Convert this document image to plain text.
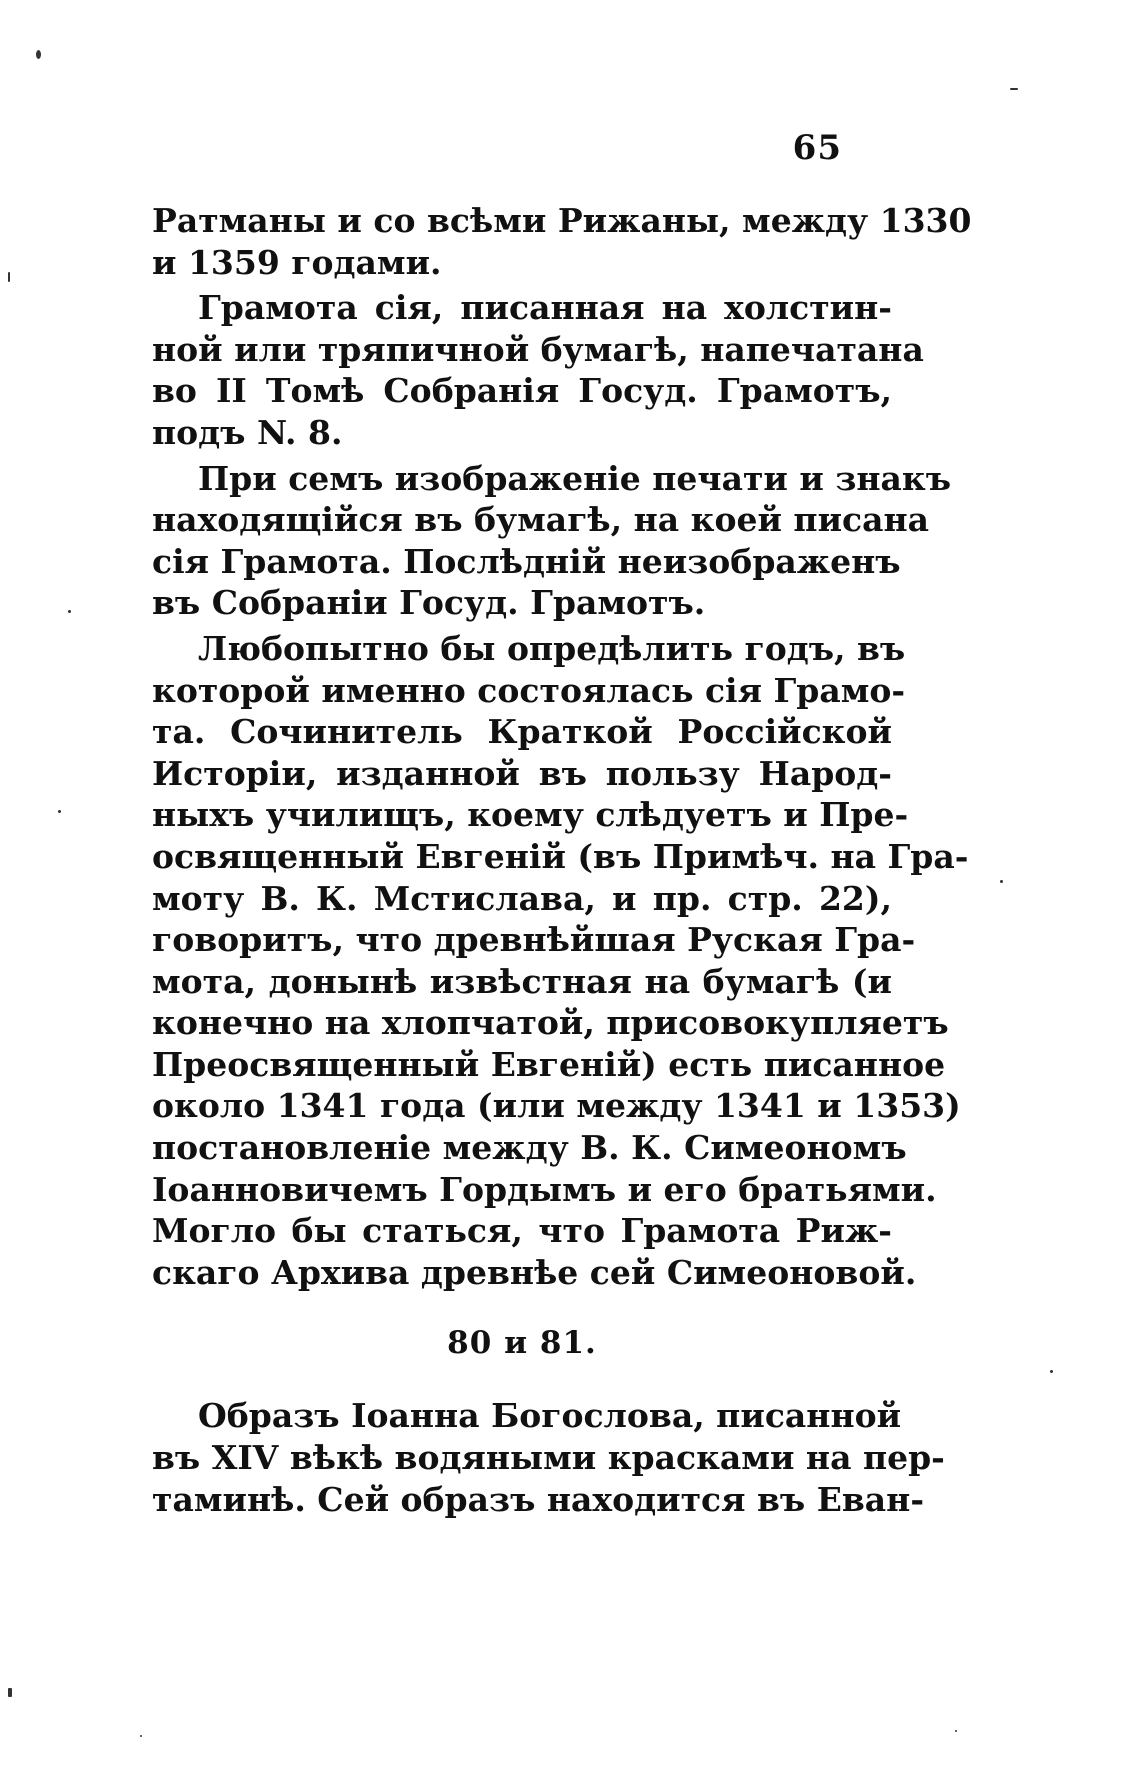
65
Ратманы и со всѣми Рижаны, между 1330
и 1359 годами.
Грамота сія, писанная на холстин-
ной или тряпичной бумагѣ, напечатана
во II Томѣ Собранія Госуд. Грамотъ,
подъ N. 8.
При семъ изображеніе печати и знакъ
находящійся въ бумагѣ, на коей писана
сія Грамота. Послѣдній неизображенъ
въ Собраніи Госуд. Грамотъ.
Любопытно бы опредѣлить годъ, въ
которой именно состоялась сія Грамо-
та. Сочинитель Краткой Россійской
Исторіи, изданной въ пользу Народ-
ныхъ училищъ, коему слѣдуетъ и Пре-
освященный Евгеній (въ Примѣч. на Гра-
моту В. К. Мстислава, и пр. стр. 22),
говоритъ, что древнѣйшая Руская Гра-
мота, донынѣ извѣстная на бумагѣ (и
конечно на хлопчатой, присовокупляетъ
Преосвященный Евгеній) есть писанное
около 1341 года (или между 1341 и 1353)
постановленіе между В. К. Симеономъ
Іоанновичемъ Гордымъ и его братьями.
Могло бы статься, что Грамота Риж-
скаго Архива древнѣе сей Симеоновой.
80 и 81.
Образъ Іоанна Богослова, писанной
въ XIV вѣкѣ водяными красками на пер-
таминѣ. Сей образъ находится въ Еван-
